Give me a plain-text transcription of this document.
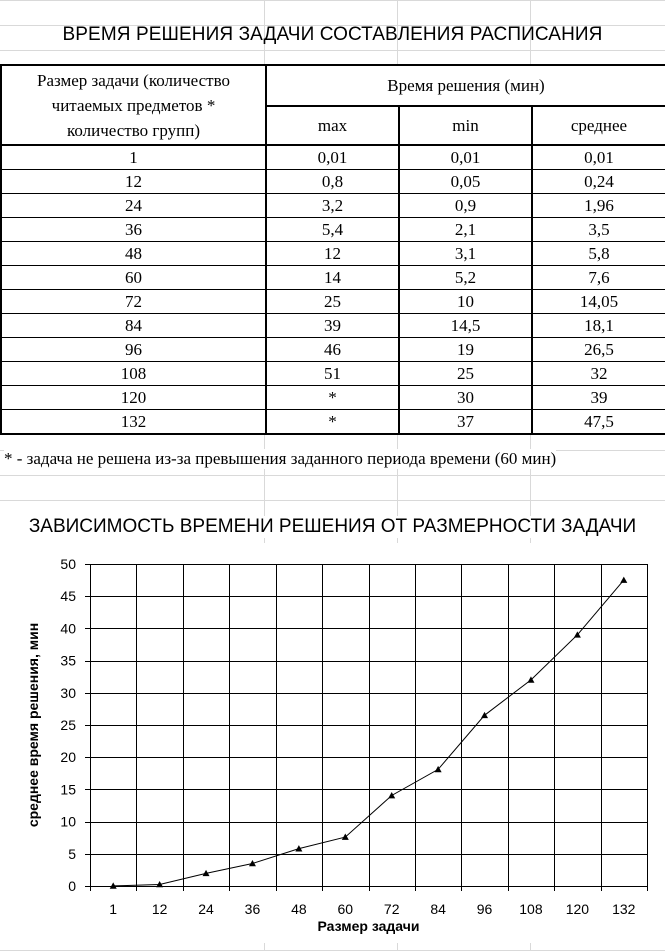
ВРЕМЯ РЕШЕНИЯ ЗАДАЧИ СОСТАВЛЕНИЯ РАСПИСАНИЯ
Размер задачи (количество
читаемых предметов *
количество групп)	Время решения (мин)		
	max	min	среднее
1	0,01	0,01	0,01
12	0,8	0,05	0,24
24	3,2	0,9	1,96
36	5,4	2,1	3,5
48	12	3,1	5,8
60	14	5,2	7,6
72	25	10	14,05
84	39	14,5	18,1
96	46	19	26,5
108	51	25	32
120	*	30	39
132	*	37	47,5
* - задача не решена из-за превышения заданного периода времени (60 мин)
ЗАВИСИМОСТЬ ВРЕМЕНИ РЕШЕНИЯ ОТ РАЗМЕРНОСТИ ЗАДАЧИ
0
5
10
15
20
25
30
35
40
45
50
1 12 24 36 48 60 72 84 96 108 120 132
Размер задачи
среднее время решения, мин
